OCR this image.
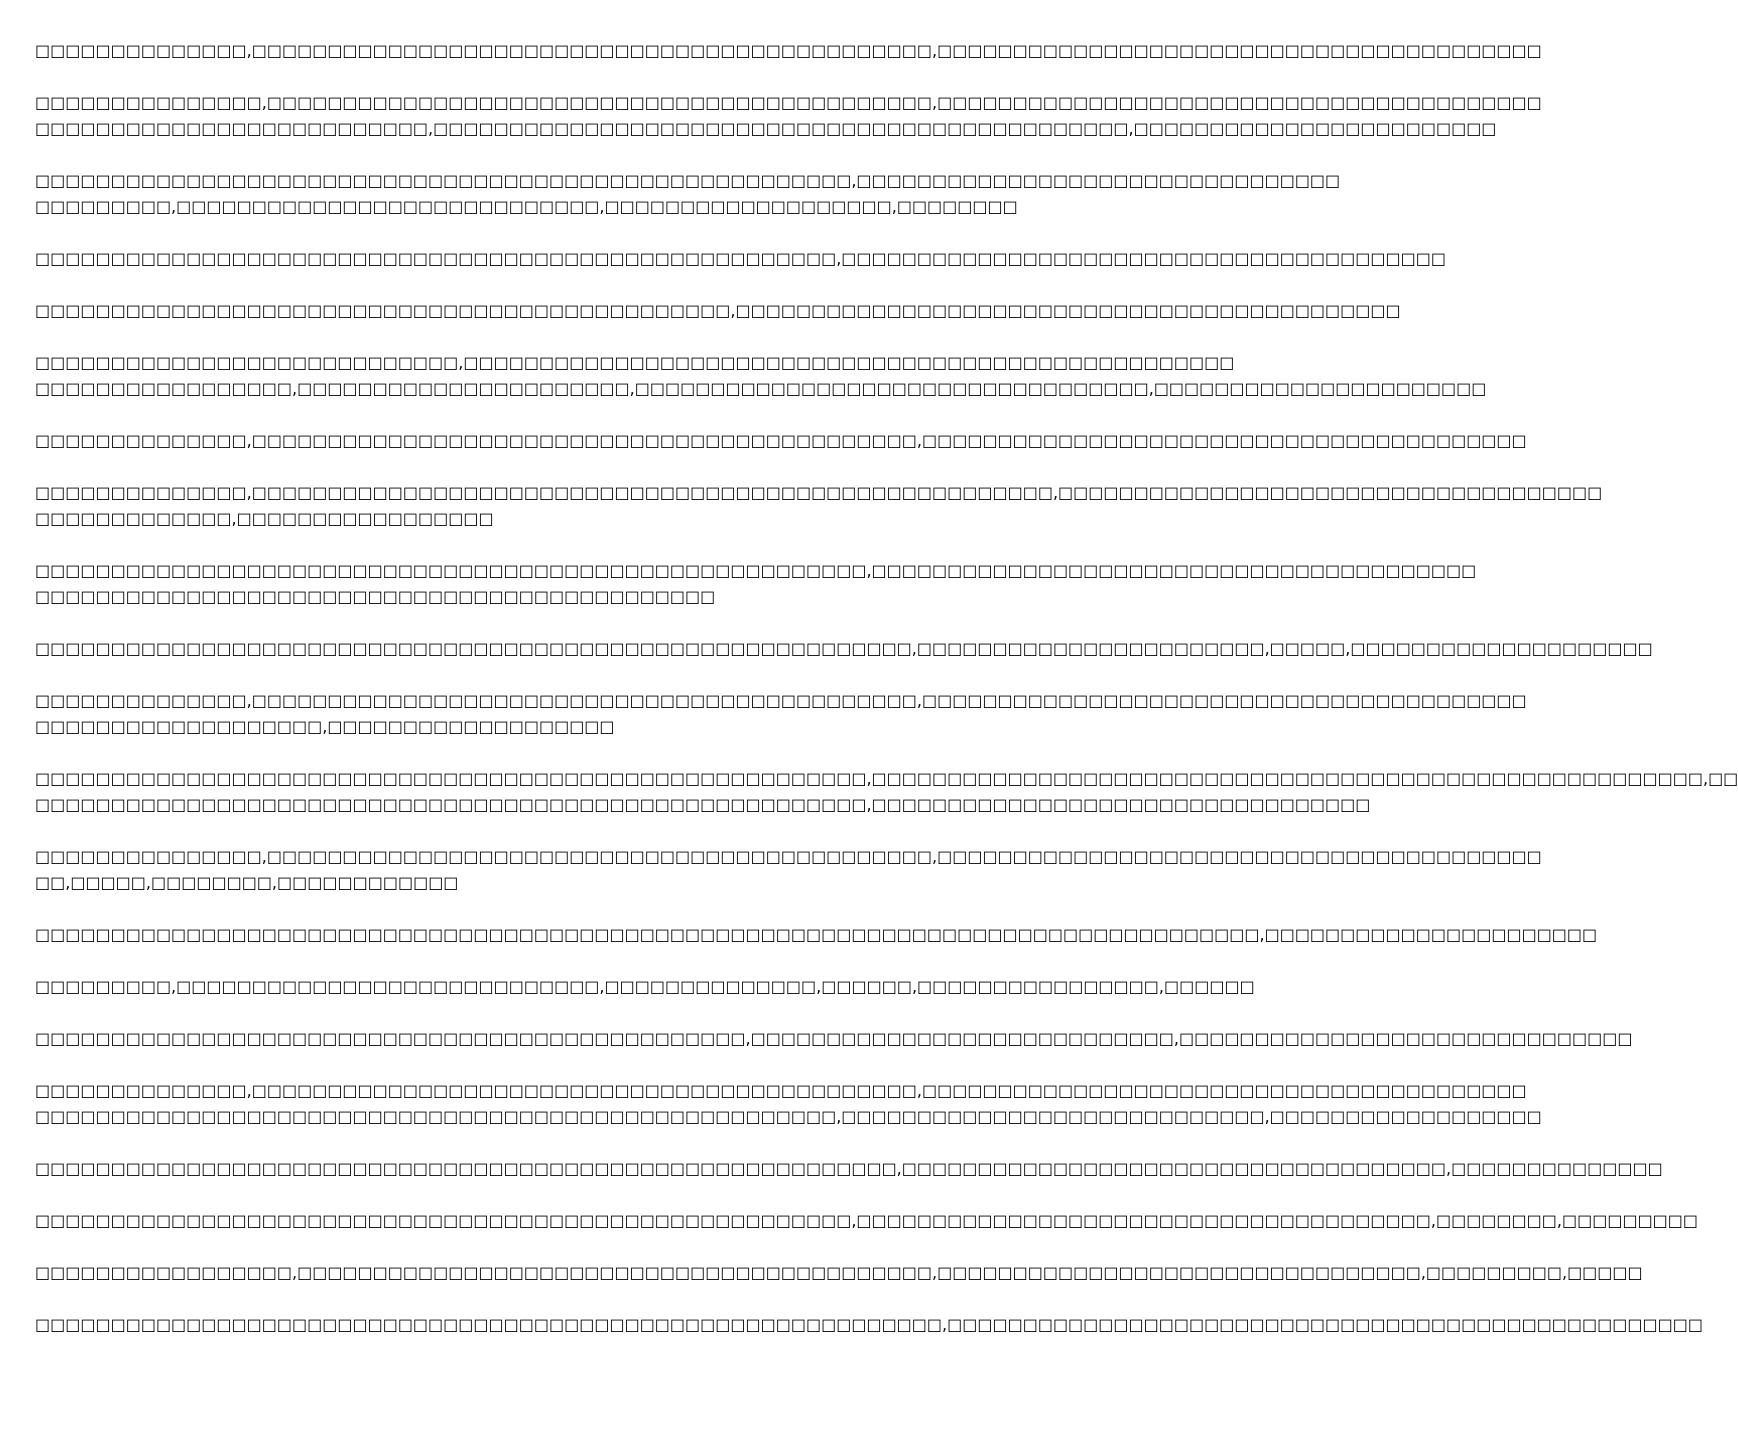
□□□□□□□□□□□□□□,□□□□□□□□□□□□□□□□□□□□□□□□□□□□□□□□□□□□□□□□□□□□□,□□□□□□□□□□□□□□□□□□□□□□□□□□□□□□□□□□□□□□□□

□□□□□□□□□□□□□□□,□□□□□□□□□□□□□□□□□□□□□□□□□□□□□□□□□□□□□□□□□□□□,□□□□□□□□□□□□□□□□□□□□□□□□□□□□□□□□□□□□□□□□
□□□□□□□□□□□□□□□□□□□□□□□□□□,□□□□□□□□□□□□□□□□□□□□□□□□□□□□□□□□□□□□□□□□□□□□□□,□□□□□□□□□□□□□□□□□□□□□□□□

□□□□□□□□□□□□□□□□□□□□□□□□□□□□□□□□□□□□□□□□□□□□□□□□□□□□□□,□□□□□□□□□□□□□□□□□□□□□□□□□□□□□□□□
□□□□□□□□□,□□□□□□□□□□□□□□□□□□□□□□□□□□□□,□□□□□□□□□□□□□□□□□□□,□□□□□□□□

□□□□□□□□□□□□□□□□□□□□□□□□□□□□□□□□□□□□□□□□□□□□□□□□□□□□□,□□□□□□□□□□□□□□□□□□□□□□□□□□□□□□□□□□□□□□□□

□□□□□□□□□□□□□□□□□□□□□□□□□□□□□□□□□□□□□□□□□□□□□□,□□□□□□□□□□□□□□□□□□□□□□□□□□□□□□□□□□□□□□□□□□□□

□□□□□□□□□□□□□□□□□□□□□□□□□□□□,□□□□□□□□□□□□□□□□□□□□□□□□□□□□□□□□□□□□□□□□□□□□□□□□□□□
□□□□□□□□□□□□□□□□□,□□□□□□□□□□□□□□□□□□□□□□,□□□□□□□□□□□□□□□□□□□□□□□□□□□□□□□□□□,□□□□□□□□□□□□□□□□□□□□□□

□□□□□□□□□□□□□□,□□□□□□□□□□□□□□□□□□□□□□□□□□□□□□□□□□□□□□□□□□□□,□□□□□□□□□□□□□□□□□□□□□□□□□□□□□□□□□□□□□□□□

□□□□□□□□□□□□□□,□□□□□□□□□□□□□□□□□□□□□□□□□□□□□□□□□□□□□□□□□□□□□□□□□□□□□,□□□□□□□□□□□□□□□□□□□□□□□□□□□□□□□□□□□□
□□□□□□□□□□□□□,□□□□□□□□□□□□□□□□□

□□□□□□□□□□□□□□□□□□□□□□□□□□□□□□□□□□□□□□□□□□□□□□□□□□□□□□□,□□□□□□□□□□□□□□□□□□□□□□□□□□□□□□□□□□□□□□□□
□□□□□□□□□□□□□□□□□□□□□□□□□□□□□□□□□□□□□□□□□□□□□

□□□□□□□□□□□□□□□□□□□□□□□□□□□□□□□□□□□□□□□□□□□□□□□□□□□□□□□□□□,□□□□□□□□□□□□□□□□□□□□□□□,□□□□□,□□□□□□□□□□□□□□□□□□□□

□□□□□□□□□□□□□□,□□□□□□□□□□□□□□□□□□□□□□□□□□□□□□□□□□□□□□□□□□□□,□□□□□□□□□□□□□□□□□□□□□□□□□□□□□□□□□□□□□□□□
□□□□□□□□□□□□□□□□□□□,□□□□□□□□□□□□□□□□□□□

□□□□□□□□□□□□□□□□□□□□□□□□□□□□□□□□□□□□□□□□□□□□□□□□□□□□□□□,□□□□□□□□□□□□□□□□□□□□□□□□□□□□□□□□□□□□□□□□□□□□□□□□□□□□□□□,□□
□□□□□□□□□□□□□□□□□□□□□□□□□□□□□□□□□□□□□□□□□□□□□□□□□□□□□□□,□□□□□□□□□□□□□□□□□□□□□□□□□□□□□□□□□

□□□□□□□□□□□□□□□,□□□□□□□□□□□□□□□□□□□□□□□□□□□□□□□□□□□□□□□□□□□□,□□□□□□□□□□□□□□□□□□□□□□□□□□□□□□□□□□□□□□□□
□□,□□□□□,□□□□□□□□,□□□□□□□□□□□□

□□□□□□□□□□□□□□□□□□□□□□□□□□□□□□□□□□□□□□□□□□□□□□□□□□□□□□□□□□□□□□□□□□□□□□□□□□□□□□□□□,□□□□□□□□□□□□□□□□□□□□□□

□□□□□□□□□,□□□□□□□□□□□□□□□□□□□□□□□□□□□□,□□□□□□□□□□□□□□,□□□□□□,□□□□□□□□□□□□□□□□,□□□□□□

□□□□□□□□□□□□□□□□□□□□□□□□□□□□□□□□□□□□□□□□□□□□□□□,□□□□□□□□□□□□□□□□□□□□□□□□□□□□,□□□□□□□□□□□□□□□□□□□□□□□□□□□□□□

□□□□□□□□□□□□□□,□□□□□□□□□□□□□□□□□□□□□□□□□□□□□□□□□□□□□□□□□□□□,□□□□□□□□□□□□□□□□□□□□□□□□□□□□□□□□□□□□□□□□
□□□□□□□□□□□□□□□□□□□□□□□□□□□□□□□□□□□□□□□□□□□□□□□□□□□□□,□□□□□□□□□□□□□□□□□□□□□□□□□□□□,□□□□□□□□□□□□□□□□□□

□□□□□□□□□□□□□□□□□□□□□□□□□□□□□□□□□□□□□□□□□□□□□□□□□□□□□□□□□,□□□□□□□□□□□□□□□□□□□□□□□□□□□□□□□□□□□□,□□□□□□□□□□□□□□

□□□□□□□□□□□□□□□□□□□□□□□□□□□□□□□□□□□□□□□□□□□□□□□□□□□□□□,□□□□□□□□□□□□□□□□□□□□□□□□□□□□□□□□□□□□□□,□□□□□□□□,□□□□□□□□□

□□□□□□□□□□□□□□□□□,□□□□□□□□□□□□□□□□□□□□□□□□□□□□□□□□□□□□□□□□□□,□□□□□□□□□□□□□□□□□□□□□□□□□□□□□□□□,□□□□□□□□□,□□□□□

□□□□□□□□□□□□□□□□□□□□□□□□□□□□□□□□□□□□□□□□□□□□□□□□□□□□□□□□□□□□,□□□□□□□□□□□□□□□□□□□□□□□□□□□□□□□□□□□□□□□□□□□□□□□□□□
